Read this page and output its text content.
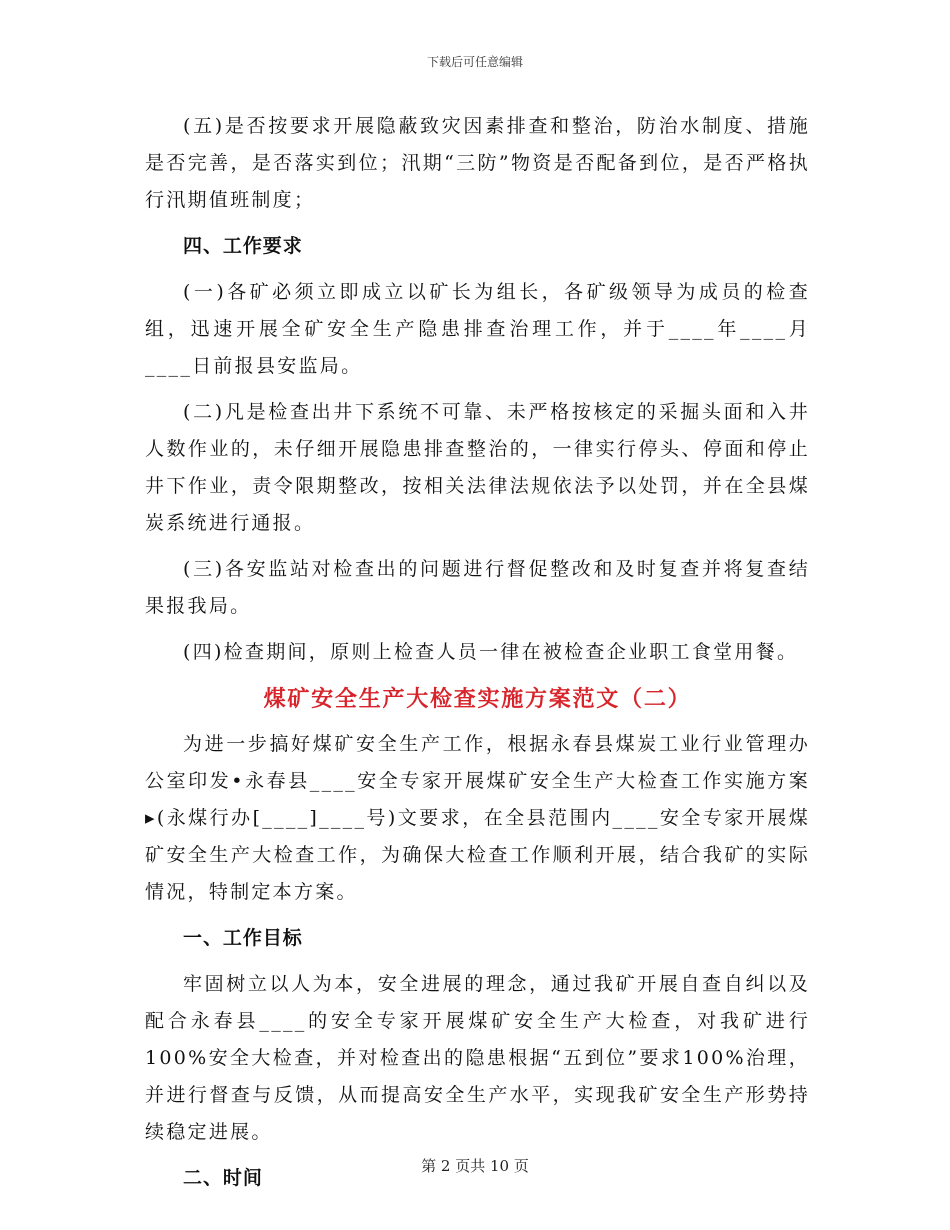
下载后可任意编辑

(五)是否按要求开展隐蔽致灾因素排查和整治，防治水制度、措施是否完善，是否落实到位；汛期“三防”物资是否配备到位，是否严格执行汛期值班制度；

四、工作要求

(一)各矿必须立即成立以矿长为组长，各矿级领导为成员的检查组，迅速开展全矿安全生产隐患排查治理工作，并于____年____月____日前报县安监局。

(二)凡是检查出井下系统不可靠、未严格按核定的采掘头面和入井人数作业的，未仔细开展隐患排查整治的，一律实行停头、停面和停止井下作业，责令限期整改，按相关法律法规依法予以处罚，并在全县煤炭系统进行通报。

(三)各安监站对检查出的问题进行督促整改和及时复查并将复查结果报我局。

(四)检查期间，原则上检查人员一律在被检查企业职工食堂用餐。

煤矿安全生产大检查实施方案范文（二）

为进一步搞好煤矿安全生产工作，根据永春县煤炭工业行业管理办公室印发•永春县____安全专家开展煤矿安全生产大检查工作实施方案▸(永煤行办[____]____号)文要求，在全县范围内____安全专家开展煤矿安全生产大检查工作，为确保大检查工作顺利开展，结合我矿的实际情况，特制定本方案。

一、工作目标

牢固树立以人为本，安全进展的理念，通过我矿开展自查自纠以及配合永春县____的安全专家开展煤矿安全生产大检查，对我矿进行100%安全大检查，并对检查出的隐患根据“五到位”要求100%治理，并进行督查与反馈，从而提高安全生产水平，实现我矿安全生产形势持续稳定进展。

二、时间

第 2 页共 10 页
